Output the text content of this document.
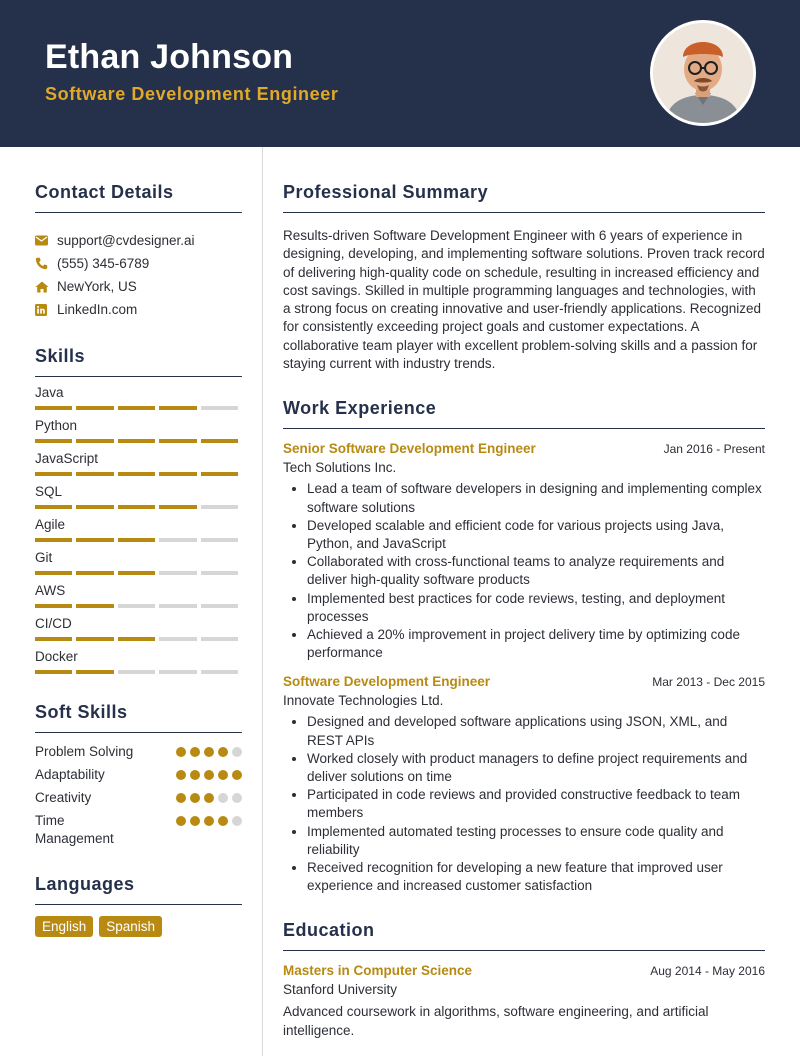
Ethan Johnson
Software Development Engineer
Contact Details
support@cvdesigner.ai
(555) 345-6789
NewYork, US
LinkedIn.com
Skills
Java
Python
JavaScript
SQL
Agile
Git
AWS
CI/CD
Docker
Soft Skills
Problem Solving
Adaptability
Creativity
Time Management
Languages
English	Spanish
Professional Summary

Results-driven Software Development Engineer with 6 years of experience in designing, developing, and implementing software solutions. Proven track record of delivering high-quality code on schedule, resulting in increased efficiency and cost savings. Skilled in multiple programming languages and technologies, with a strong focus on creating innovative and user-friendly applications. Recognized for consistently exceeding project goals and customer expectations. A collaborative team player with excellent problem-solving skills and a passion for staying current with industry trends.

Work Experience
Senior Software Development Engineer	Jan 2016 - Present
Tech Solutions Inc.
• Lead a team of software developers in designing and implementing complex software solutions
• Developed scalable and efficient code for various projects using Java, Python, and JavaScript
• Collaborated with cross-functional teams to analyze requirements and deliver high-quality software products
• Implemented best practices for code reviews, testing, and deployment processes
• Achieved a 20% improvement in project delivery time by optimizing code performance
Software Development Engineer	Mar 2013 - Dec 2015
Innovate Technologies Ltd.
• Designed and developed software applications using JSON, XML, and REST APIs
• Worked closely with product managers to define project requirements and deliver solutions on time
• Participated in code reviews and provided constructive feedback to team members
• Implemented automated testing processes to ensure code quality and reliability
• Received recognition for developing a new feature that improved user experience and increased customer satisfaction
Education
Masters in Computer Science	Aug 2014 - May 2016
Stanford University

Advanced coursework in algorithms, software engineering, and artificial intelligence.
